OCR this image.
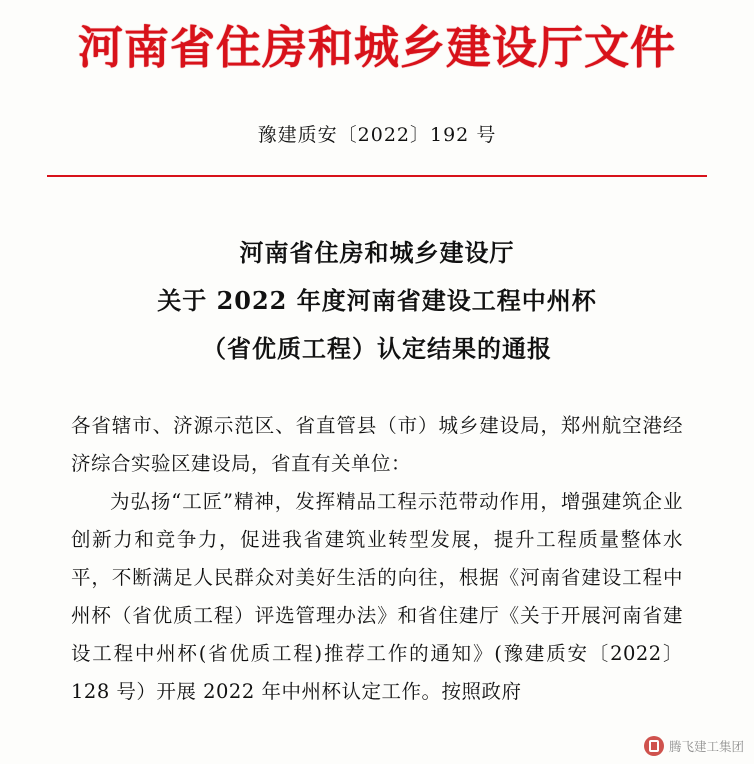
河南省住房和城乡建设厅文件
豫建质安〔2022〕192 号
河南省住房和城乡建设厅
关于 2022 年度河南省建设工程中州杯
（省优质工程）认定结果的通报

各省辖市、济源示范区、省直管县（市）城乡建设局，郑州航空港经济综合实验区建设局，省直有关单位：

为弘扬“工匠”精神，发挥精品工程示范带动作用，增强建筑企业创新力和竞争力，促进我省建筑业转型发展，提升工程质量整体水平，不断满足人民群众对美好生活的向往，根据《河南省建设工程中州杯（省优质工程）评选管理办法》和省住建厅《关于开展河南省建设工程中州杯(省优质工程)推荐工作的通知》(豫建质安〔2022〕128 号）开展 2022 年中州杯认定工作。按照政府

腾飞建工集团
